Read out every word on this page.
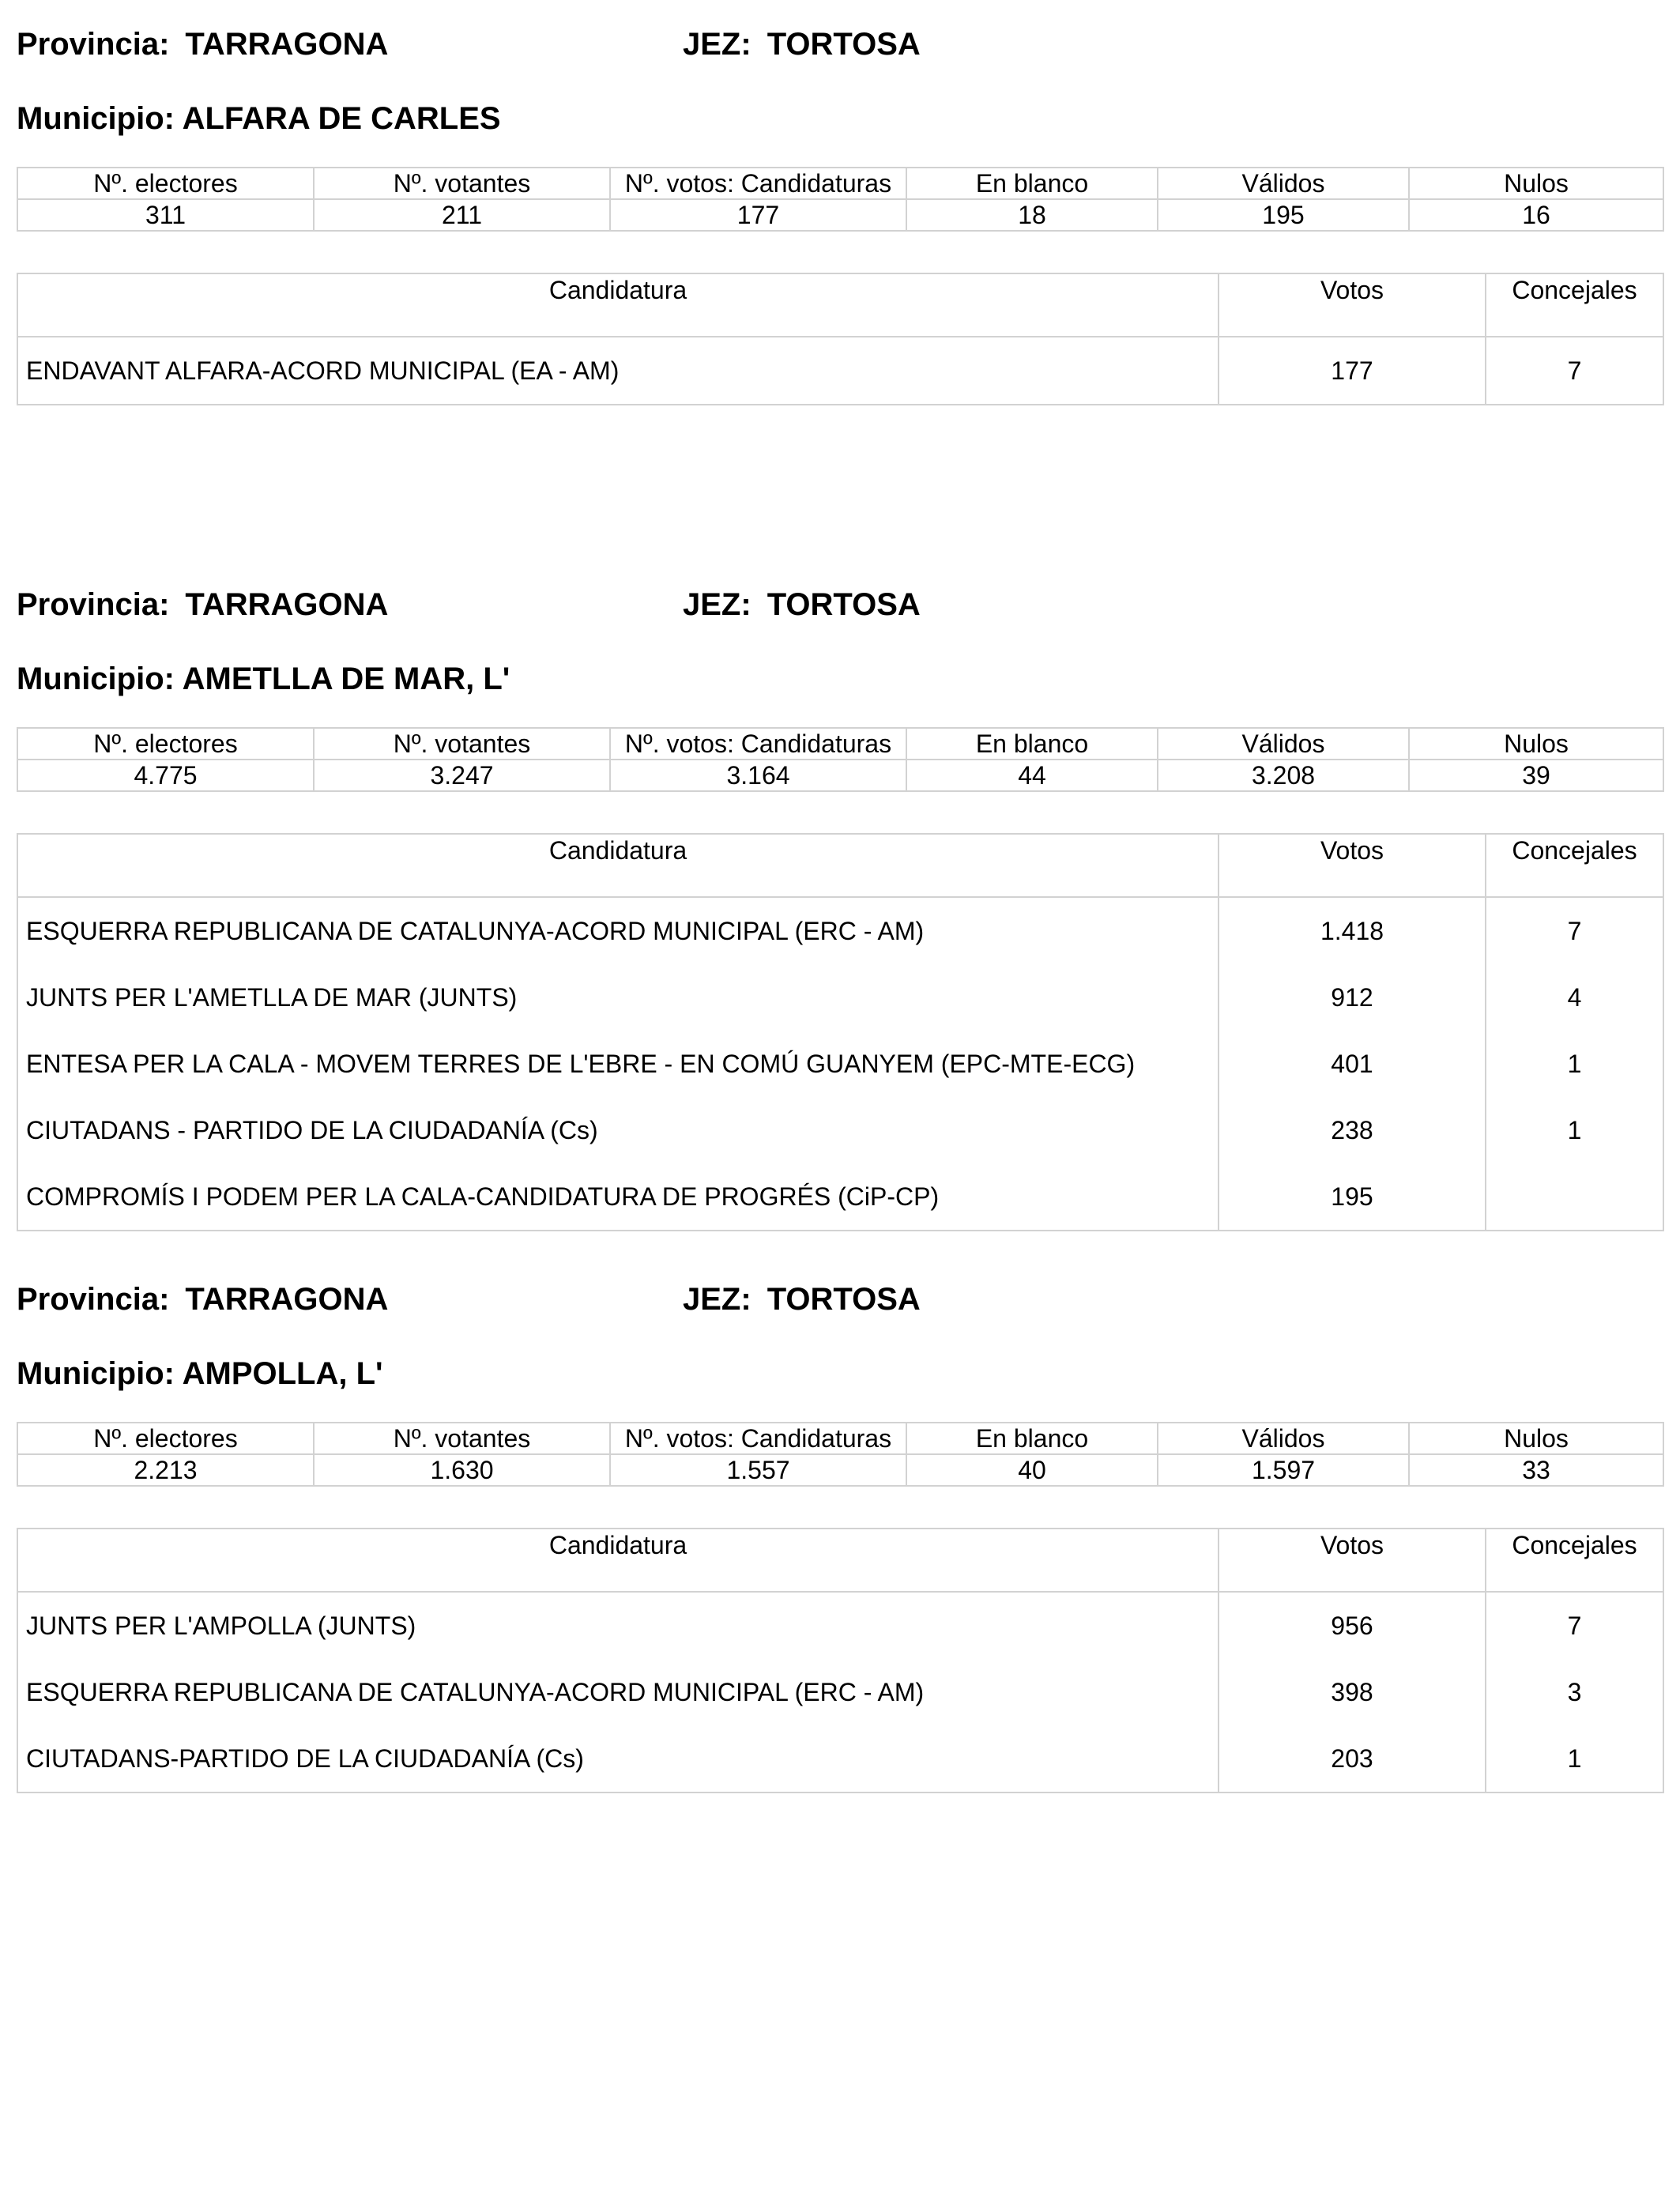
Provincia: TARRAGONA	JEZ: TORTOSA
Municipio: ALFARA DE CARLES
Nº. electores	Nº. votantes	Nº. votos: Candidaturas	En blanco	Válidos	Nulos
311	211	177	18	195	16
Candidatura	Votos	Concejales
ENDAVANT ALFARA-ACORD MUNICIPAL (EA - AM)	177	7
Provincia: TARRAGONA	JEZ: TORTOSA
Municipio: AMETLLA DE MAR, L'
Nº. electores	Nº. votantes	Nº. votos: Candidaturas	En blanco	Válidos	Nulos
4.775	3.247	3.164	44	3.208	39
Candidatura	Votos	Concejales
ESQUERRA REPUBLICANA DE CATALUNYA-ACORD MUNICIPAL (ERC - AM)	1.418	7
JUNTS PER L'AMETLLA DE MAR (JUNTS)	912	4
ENTESA PER LA CALA - MOVEM TERRES DE L'EBRE - EN COMÚ GUANYEM (EPC-MTE-ECG)	401	1
CIUTADANS - PARTIDO DE LA CIUDADANÍA (Cs)	238	1
COMPROMÍS I PODEM PER LA CALA-CANDIDATURA DE PROGRÉS (CiP-CP)	195	
Provincia: TARRAGONA	JEZ: TORTOSA
Municipio: AMPOLLA, L'
Nº. electores	Nº. votantes	Nº. votos: Candidaturas	En blanco	Válidos	Nulos
2.213	1.630	1.557	40	1.597	33
Candidatura	Votos	Concejales
JUNTS PER L'AMPOLLA (JUNTS)	956	7
ESQUERRA REPUBLICANA DE CATALUNYA-ACORD MUNICIPAL (ERC - AM)	398	3
CIUTADANS-PARTIDO DE LA CIUDADANÍA (Cs)	203	1
